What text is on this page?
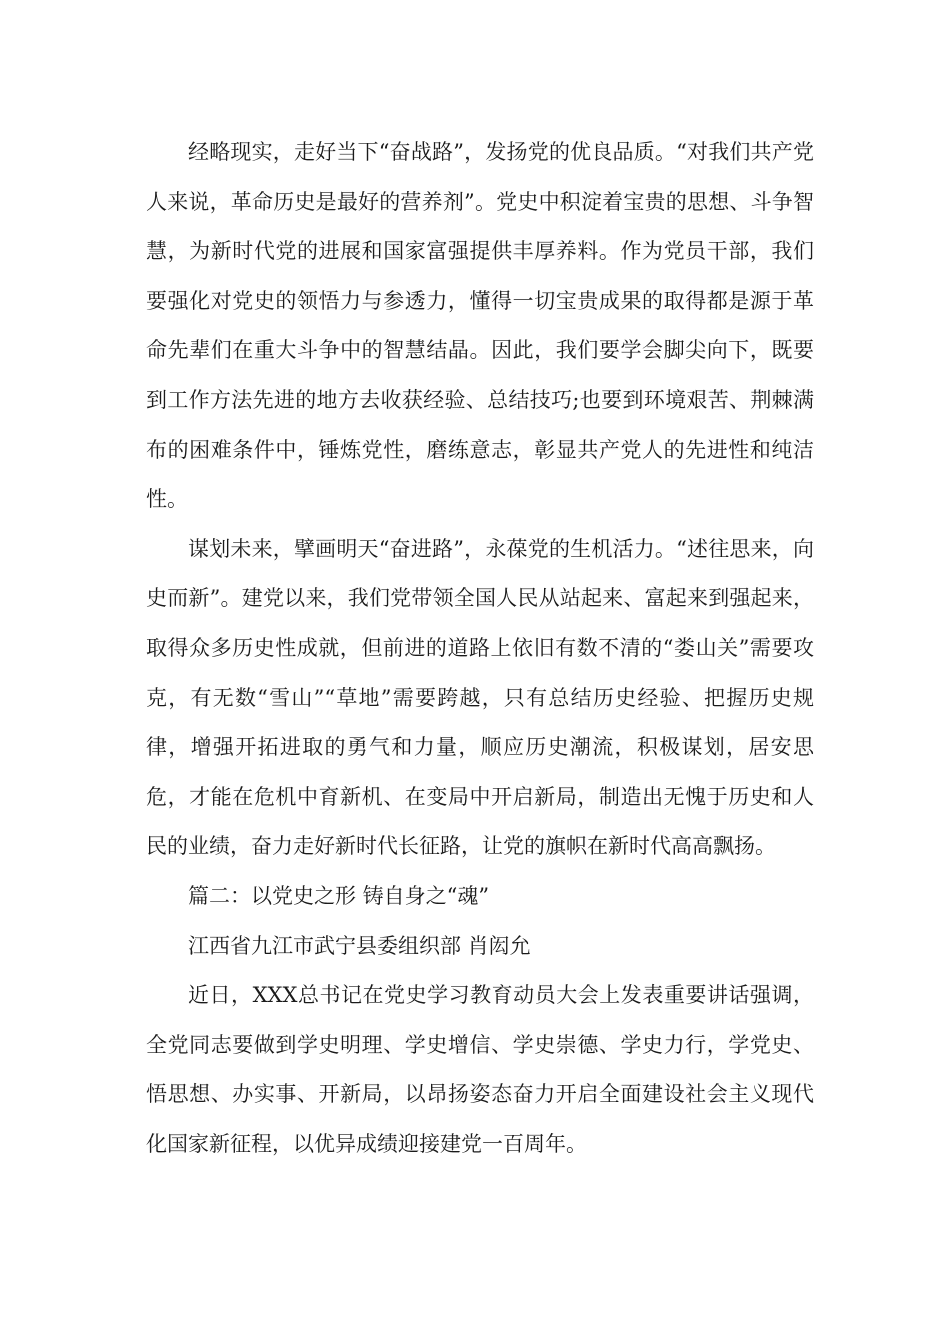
经略现实，走好当下“奋战路”，发扬党的优良品质。“对我们共产党人来说，革命历史是最好的营养剂”。党史中积淀着宝贵的思想、斗争智慧，为新时代党的进展和国家富强提供丰厚养料。作为党员干部，我们要强化对党史的领悟力与参透力，懂得一切宝贵成果的取得都是源于革命先辈们在重大斗争中的智慧结晶。因此，我们要学会脚尖向下，既要到工作方法先进的地方去收获经验、总结技巧;也要到环境艰苦、荆棘满布的困难条件中，锤炼党性，磨练意志，彰显共产党人的先进性和纯洁性。

谋划未来，擘画明天“奋进路”，永葆党的生机活力。“述往思来，向史而新”。建党以来，我们党带领全国人民从站起来、富起来到强起来，取得众多历史性成就，但前进的道路上依旧有数不清的“娄山关”需要攻克，有无数“雪山”“草地”需要跨越，只有总结历史经验、把握历史规律，增强开拓进取的勇气和力量，顺应历史潮流，积极谋划，居安思危，才能在危机中育新机、在变局中开启新局，制造出无愧于历史和人民的业绩，奋力走好新时代长征路，让党的旗帜在新时代高高飘扬。

篇二：以党史之形 铸自身之“魂”

江西省九江市武宁县委组织部 肖闳允

近日，XXX总书记在党史学习教育动员大会上发表重要讲话强调，全党同志要做到学史明理、学史增信、学史崇德、学史力行，学党史、悟思想、办实事、开新局，以昂扬姿态奋力开启全面建设社会主义现代化国家新征程，以优异成绩迎接建党一百周年。
